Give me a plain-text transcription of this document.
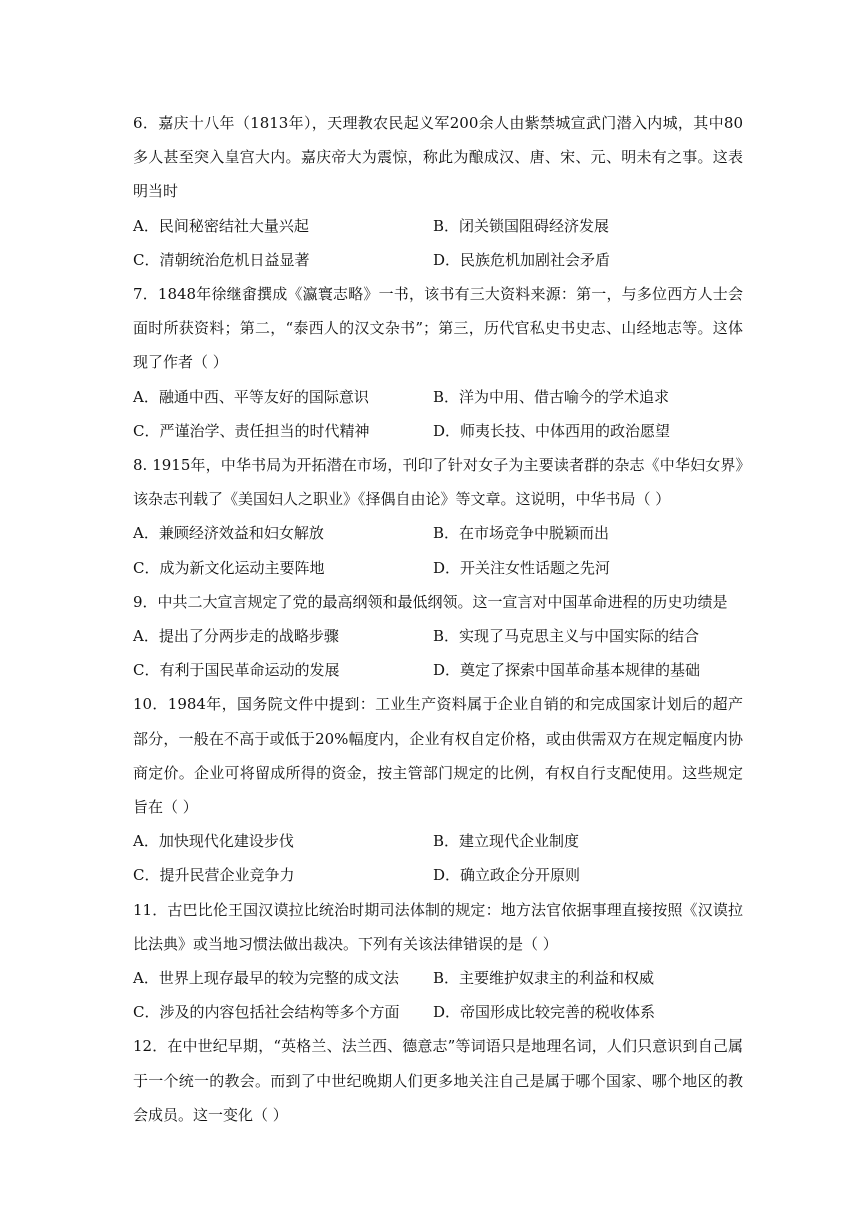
6．嘉庆十八年（1813年），天理教农民起义军200余人由紫禁城宣武门潜入内城，其中80多人甚至突入皇宫大内。嘉庆帝大为震惊，称此为酿成汉、唐、宋、元、明未有之事。这表明当时

A．民间秘密结社大量兴起	B．闭关锁国阻碍经济发展
C．清朝统治危机日益显著	D．民族危机加剧社会矛盾

7．1848年徐继畬撰成《瀛寰志略》一书，该书有三大资料来源：第一，与多位西方人士会面时所获资料；第二，“泰西人的汉文杂书”；第三，历代官私史书史志、山经地志等。这体现了作者（ ）

A．融通中西、平等友好的国际意识	B．洋为中用、借古喻今的学术追求
C．严谨治学、责任担当的时代精神	D．师夷长技、中体西用的政治愿望

8. 1915年，中华书局为开拓潜在市场，刊印了针对女子为主要读者群的杂志《中华妇女界》该杂志刊载了《美国妇人之职业》《择偶自由论》等文章。这说明，中华书局（ ）

A．兼顾经济效益和妇女解放	B．在市场竞争中脱颖而出
C．成为新文化运动主要阵地	D．开关注女性话题之先河

9．中共二大宣言规定了党的最高纲领和最低纲领。这一宣言对中国革命进程的历史功绩是

A．提出了分两步走的战略步骤	B．实现了马克思主义与中国实际的结合
C．有利于国民革命运动的发展	D．奠定了探索中国革命基本规律的基础

10．1984年，国务院文件中提到：工业生产资料属于企业自销的和完成国家计划后的超产部分，一般在不高于或低于20%幅度内，企业有权自定价格，或由供需双方在规定幅度内协商定价。企业可将留成所得的资金，按主管部门规定的比例，有权自行支配使用。这些规定旨在（ ）

A．加快现代化建设步伐	B．建立现代企业制度
C．提升民营企业竞争力	D．确立政企分开原则

11．古巴比伦王国汉谟拉比统治时期司法体制的规定：地方法官依据事理直接按照《汉谟拉比法典》或当地习惯法做出裁决。下列有关该法律错误的是（ ）

A．世界上现存最早的较为完整的成文法	B．主要维护奴隶主的利益和权威
C．涉及的内容包括社会结构等多个方面	D．帝国形成比较完善的税收体系

12．在中世纪早期，“英格兰、法兰西、德意志”等词语只是地理名词，人们只意识到自己属于一个统一的教会。而到了中世纪晚期人们更多地关注自己是属于哪个国家、哪个地区的教会成员。这一变化（ ）
